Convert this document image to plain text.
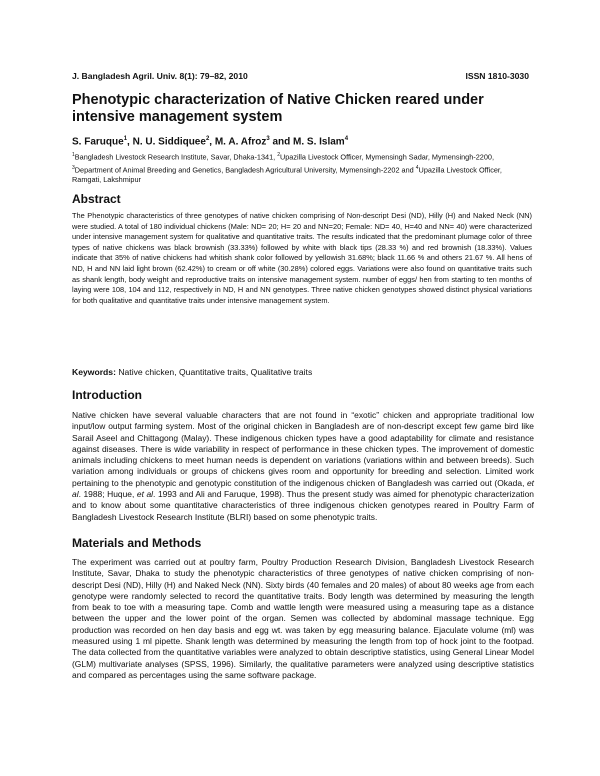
J. Bangladesh Agril. Univ. 8(1): 79–82, 2010	ISSN 1810-3030
Phenotypic characterization of Native Chicken reared under intensive management system
S. Faruque$^1$, N. U. Siddiquee$^2$, M. A. Afroz$^3$ and M. S. Islam$^4$
$^1$Bangladesh Livestock Research Institute, Savar, Dhaka-1341, $^2$Upazilla Livestock Officer, Mymensingh Sadar, Mymensingh-2200, $^3$Department of Animal Breeding and Genetics, Bangladesh Agricultural University, Mymensingh-2202 and $^4$Upazilla Livestock Officer, Ramgati, Lakshmipur
Abstract

The Phenotypic characteristics of three genotypes of native chicken comprising of Non-descript Desi (ND), Hilly (H) and Naked Neck (NN) were studied. A total of 180 individual chickens (Male: ND= 20; H= 20 and NN=20; Female: ND= 40, H=40 and NN= 40) were characterized under intensive management system for qualitative and quantitative traits. The results indicated that the predominant plumage color of three types of native chickens was black brownish (33.33%) followed by white with black tips (28.33 %) and red brownish (18.33%). Values indicate that 35% of native chickens had whitish shank color followed by yellowish 31.68%; black 11.66 % and others 21.67 %. All hens of ND, H and NN laid light brown (62.42%) to cream or off white (30.28%) colored eggs. Variations were also found on quantitative traits such as shank length, body weight and reproductive traits on intensive management system. number of eggs/ hen from starting to ten months of laying were 108, 104 and 112, respectively in ND, H and NN genotypes. Three native chicken genotypes showed distinct physical variations for both qualitative and quantitative traits under intensive management system.

Keywords: Native chicken, Quantitative traits, Qualitative traits
Introduction

Native chicken have several valuable characters that are not found in “exotic” chicken and appropriate traditional low input/low output farming system. Most of the original chicken in Bangladesh are of non-descript except few game bird like Sarail Aseel and Chittagong (Malay). These indigenous chicken types have a good adaptability for climate and resistance against diseases. There is wide variability in respect of performance in these chicken types. The improvement of domestic animals including chickens to meet human needs is dependent on variations (variations within and between breeds). Such variation among individuals or groups of chickens gives room and opportunity for breeding and selection. Limited work pertaining to the phenotypic and genotypic constitution of the indigenous chicken of Bangladesh was carried out (Okada, et al. 1988; Huque, et al. 1993 and Ali and Faruque, 1998). Thus the present study was aimed for phenotypic characterization and to know about some quantitative characteristics of three indigenous chicken genotypes reared in Poultry Farm of Bangladesh Livestock Research Institute (BLRI) based on some phenotypic traits.

Materials and Methods

The experiment was carried out at poultry farm, Poultry Production Research Division, Bangladesh Livestock Research Institute, Savar, Dhaka to study the phenotypic characteristics of three genotypes of native chicken comprising of non-descript Desi (ND), Hilly (H) and Naked Neck (NN). Sixty birds (40 females and 20 males) of about 80 weeks age from each genotype were randomly selected to record the quantitative traits. Body length was determined by measuring the length from beak to toe with a measuring tape. Comb and wattle length were measured using a measuring tape as a distance between the upper and the lower point of the organ. Semen was collected by abdominal massage technique. Egg production was recorded on hen day basis and egg wt. was taken by egg measuring balance. Ejaculate volume (ml) was measured using 1 ml pipette. Shank length was determined by measuring the length from top of hock joint to the footpad. The data collected from the quantitative variables were analyzed to obtain descriptive statistics, using General Linear Model (GLM) multivariate analyses (SPSS, 1996). Similarly, the qualitative parameters were analyzed using descriptive statistics and compared as percentages using the same software package.
